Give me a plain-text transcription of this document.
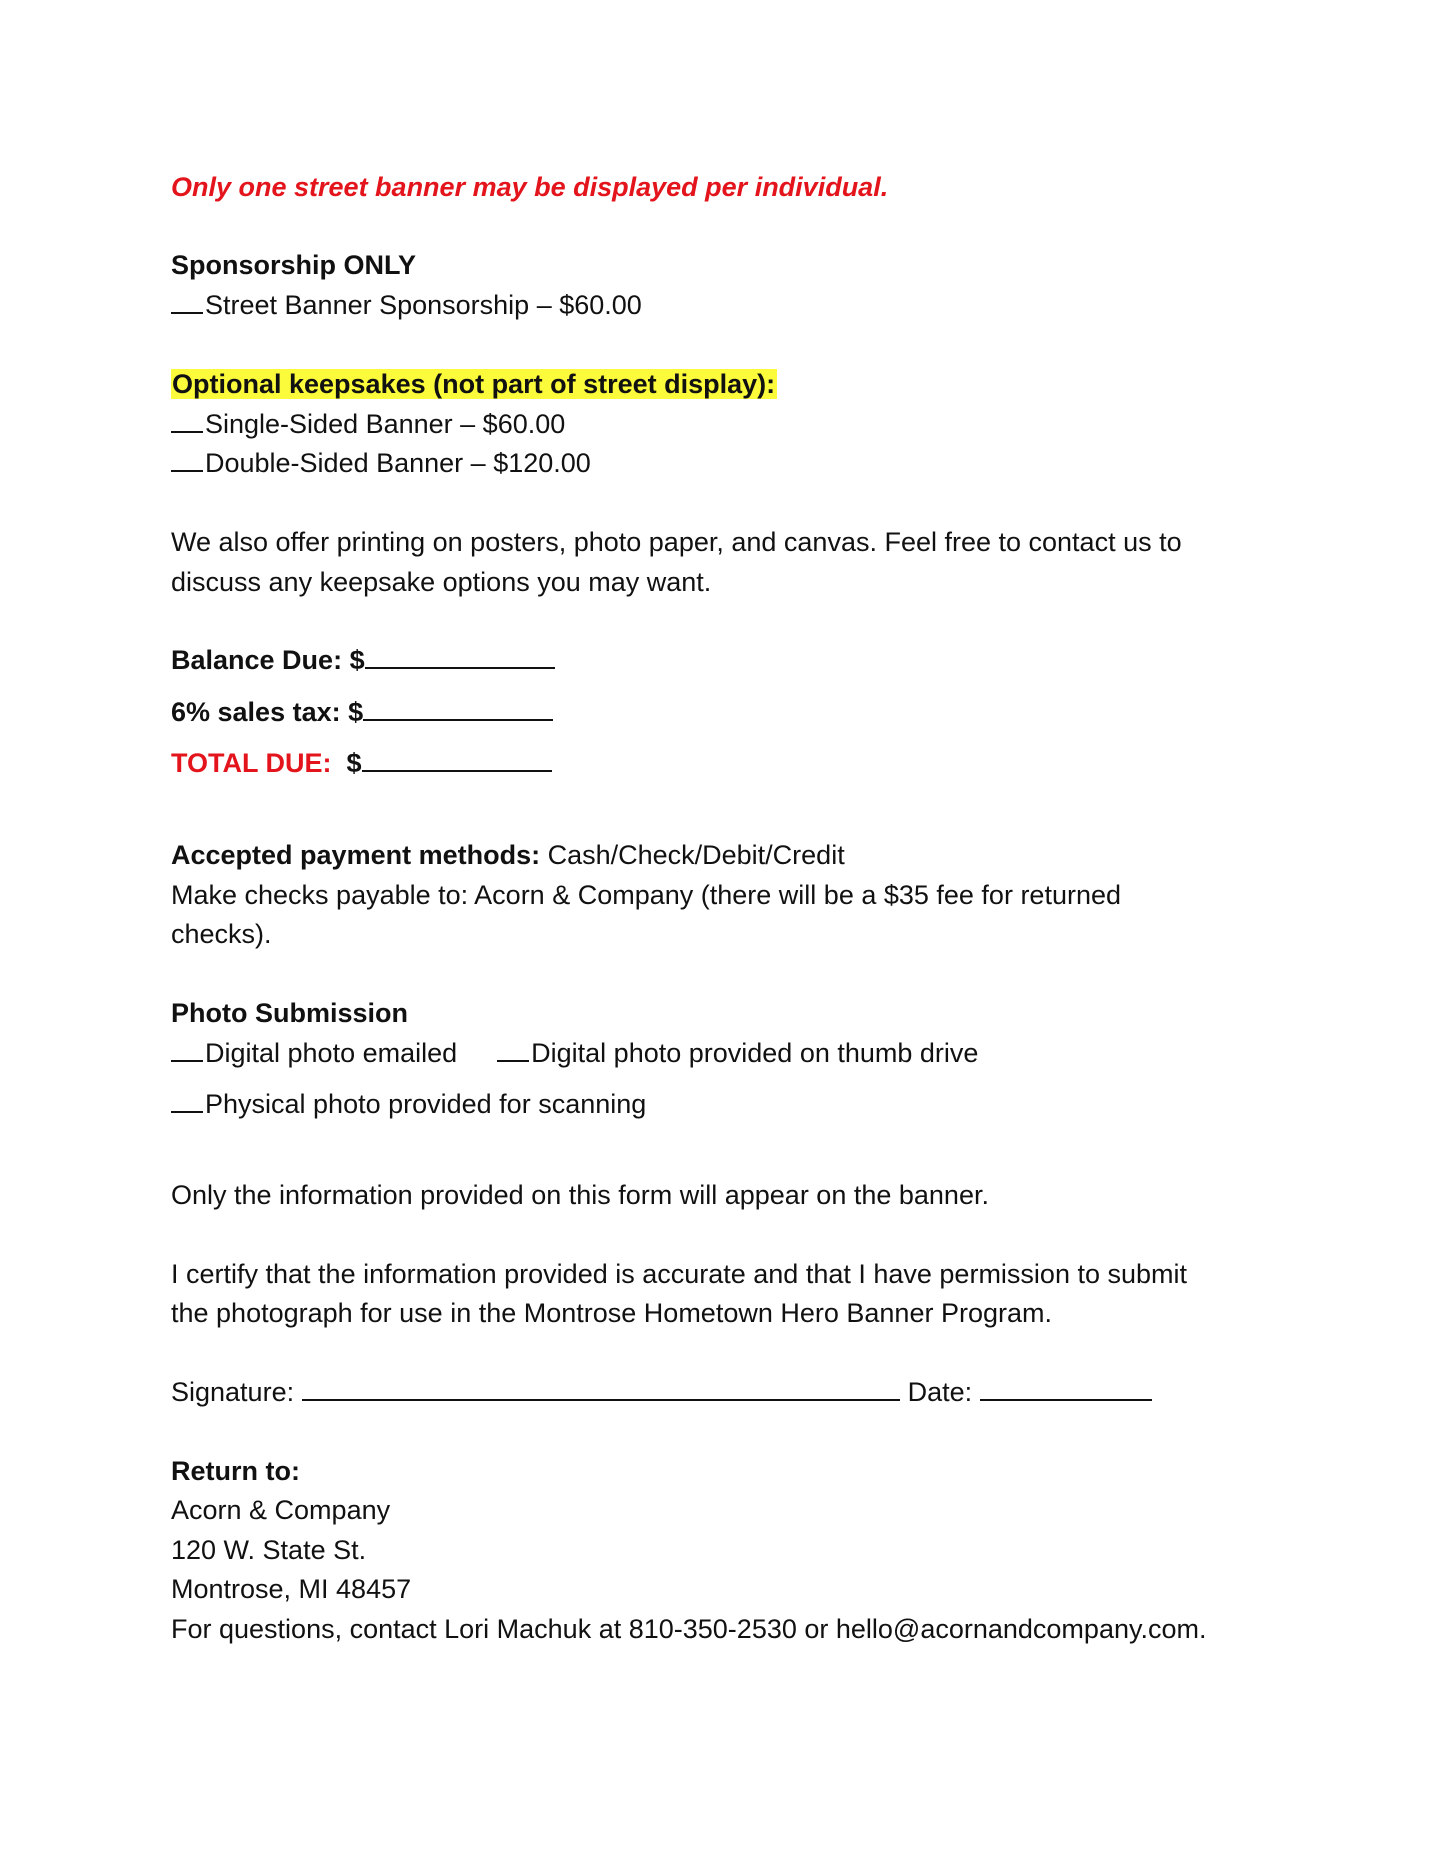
Only one street banner may be displayed per individual.
Sponsorship ONLY
Street Banner Sponsorship – $60.00
Optional keepsakes (not part of street display):
Single-Sided Banner – $60.00
Double-Sided Banner – $120.00
We also offer printing on posters, photo paper, and canvas. Feel free to contact us to
discuss any keepsake options you may want.
Balance Due: $
6% sales tax: $
TOTAL DUE: $
Accepted payment methods: Cash/Check/Debit/Credit
Make checks payable to: Acorn & Company (there will be a $35 fee for returned
checks).
Photo Submission
Digital photo emailed	Digital photo provided on thumb drive
Physical photo provided for scanning
Only the information provided on this form will appear on the banner.
I certify that the information provided is accurate and that I have permission to submit
the photograph for use in the Montrose Hometown Hero Banner Program.
Signature:	Date:
Return to:
Acorn & Company
120 W. State St.
Montrose, MI 48457
For questions, contact Lori Machuk at 810-350-2530 or hello@acornandcompany.com.
